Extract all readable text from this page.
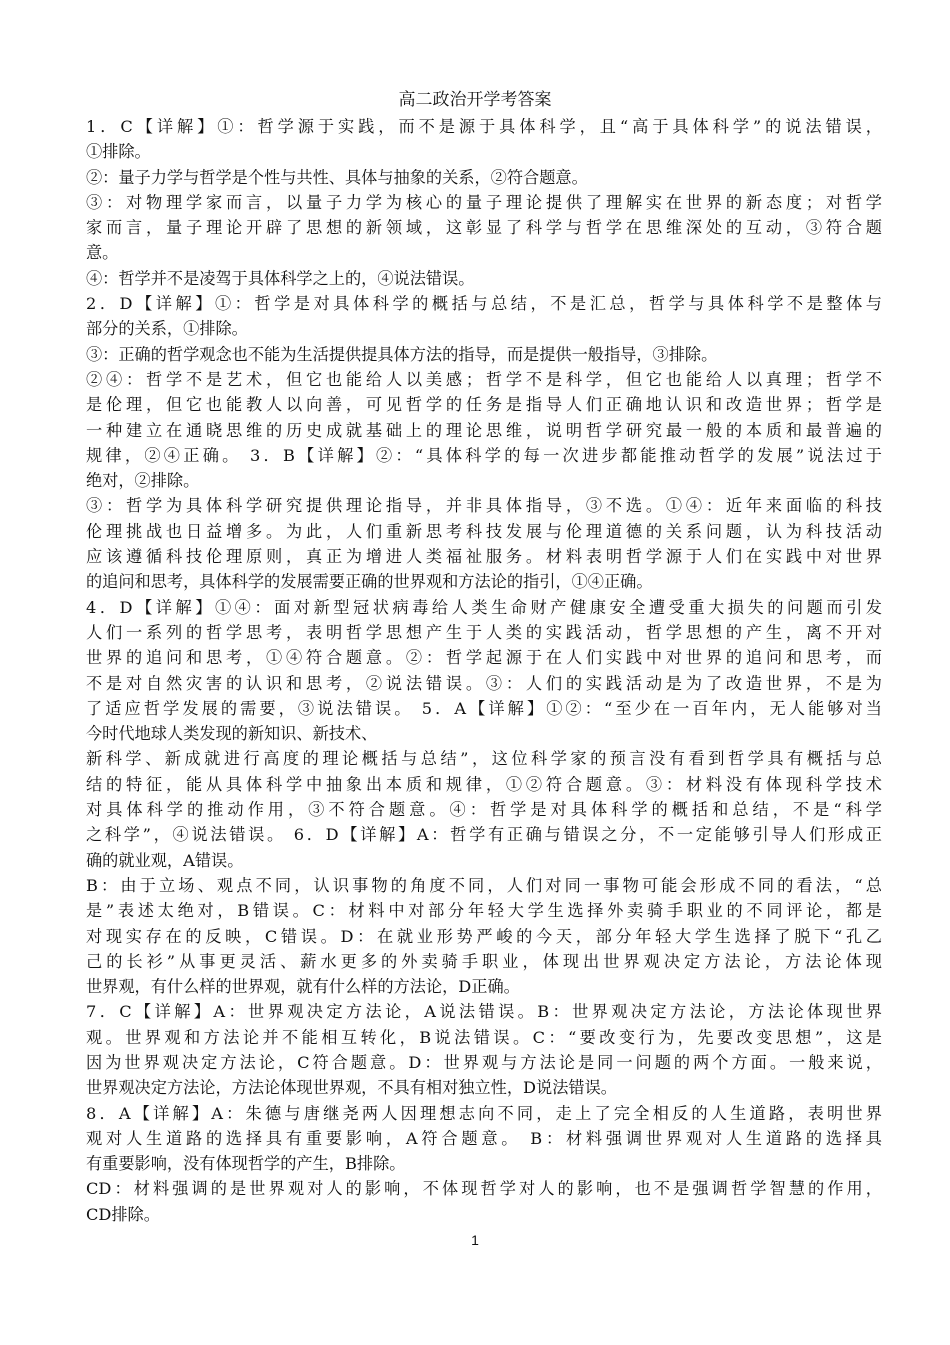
高二政治开学考答案
1．C【详解】①：哲学源于实践，而不是源于具体科学，且“高于具体科学”的说法错误，
①排除。
②：量子力学与哲学是个性与共性、具体与抽象的关系，②符合题意。
③：对物理学家而言，以量子力学为核心的量子理论提供了理解实在世界的新态度；对哲学
家而言，量子理论开辟了思想的新领域，这彰显了科学与哲学在思维深处的互动，③符合题
意。
④：哲学并不是凌驾于具体科学之上的，④说法错误。
2．D【详解】①：哲学是对具体科学的概括与总结，不是汇总，哲学与具体科学不是整体与
部分的关系，①排除。
③：正确的哲学观念也不能为生活提供提具体方法的指导，而是提供一般指导，③排除。
②④：哲学不是艺术，但它也能给人以美感；哲学不是科学，但它也能给人以真理；哲学不
是伦理，但它也能教人以向善，可见哲学的任务是指导人们正确地认识和改造世界；哲学是
一种建立在通晓思维的历史成就基础上的理论思维，说明哲学研究最一般的本质和最普遍的
规律，②④正确。 3．B【详解】②：“具体科学的每一次进步都能推动哲学的发展”说法过于
绝对，②排除。
③：哲学为具体科学研究提供理论指导，并非具体指导，③不选。①④：近年来面临的科技
伦理挑战也日益增多。为此，人们重新思考科技发展与伦理道德的关系问题，认为科技活动
应该遵循科技伦理原则，真正为增进人类福祉服务。材料表明哲学源于人们在实践中对世界
的追问和思考，具体科学的发展需要正确的世界观和方法论的指引，①④正确。
4．D【详解】①④：面对新型冠状病毒给人类生命财产健康安全遭受重大损失的问题而引发
人们一系列的哲学思考，表明哲学思想产生于人类的实践活动，哲学思想的产生，离不开对
世界的追问和思考，①④符合题意。②：哲学起源于在人们实践中对世界的追问和思考，而
不是对自然灾害的认识和思考，②说法错误。③：人们的实践活动是为了改造世界，不是为
了适应哲学发展的需要，③说法错误。 5．A【详解】①②：“至少在一百年内，无人能够对当
今时代地球人类发现的新知识、新技术、
新科学、新成就进行高度的理论概括与总结”，这位科学家的预言没有看到哲学具有概括与总
结的特征，能从具体科学中抽象出本质和规律，①②符合题意。③：材料没有体现科学技术
对具体科学的推动作用，③不符合题意。④：哲学是对具体科学的概括和总结，不是“科学
之科学”，④说法错误。 6．D【详解】A：哲学有正确与错误之分，不一定能够引导人们形成正
确的就业观，A错误。
B：由于立场、观点不同，认识事物的角度不同，人们对同一事物可能会形成不同的看法，“总
是”表述太绝对，B错误。C：材料中对部分年轻大学生选择外卖骑手职业的不同评论，都是
对现实存在的反映，C错误。D：在就业形势严峻的今天，部分年轻大学生选择了脱下“孔乙
己的长衫”从事更灵活、薪水更多的外卖骑手职业，体现出世界观决定方法论，方法论体现
世界观，有什么样的世界观，就有什么样的方法论，D正确。
7．C【详解】A：世界观决定方法论，A说法错误。B：世界观决定方法论，方法论体现世界
观。世界观和方法论并不能相互转化，B说法错误。C：“要改变行为，先要改变思想”，这是
因为世界观决定方法论，C符合题意。D：世界观与方法论是同一问题的两个方面。一般来说，
世界观决定方法论，方法论体现世界观，不具有相对独立性，D说法错误。
8．A【详解】A：朱德与唐继尧两人因理想志向不同，走上了完全相反的人生道路，表明世界
观对人生道路的选择具有重要影响，A符合题意。 B：材料强调世界观对人生道路的选择具
有重要影响，没有体现哲学的产生，B排除。
CD：材料强调的是世界观对人的影响，不体现哲学对人的影响，也不是强调哲学智慧的作用，
CD排除。
1
